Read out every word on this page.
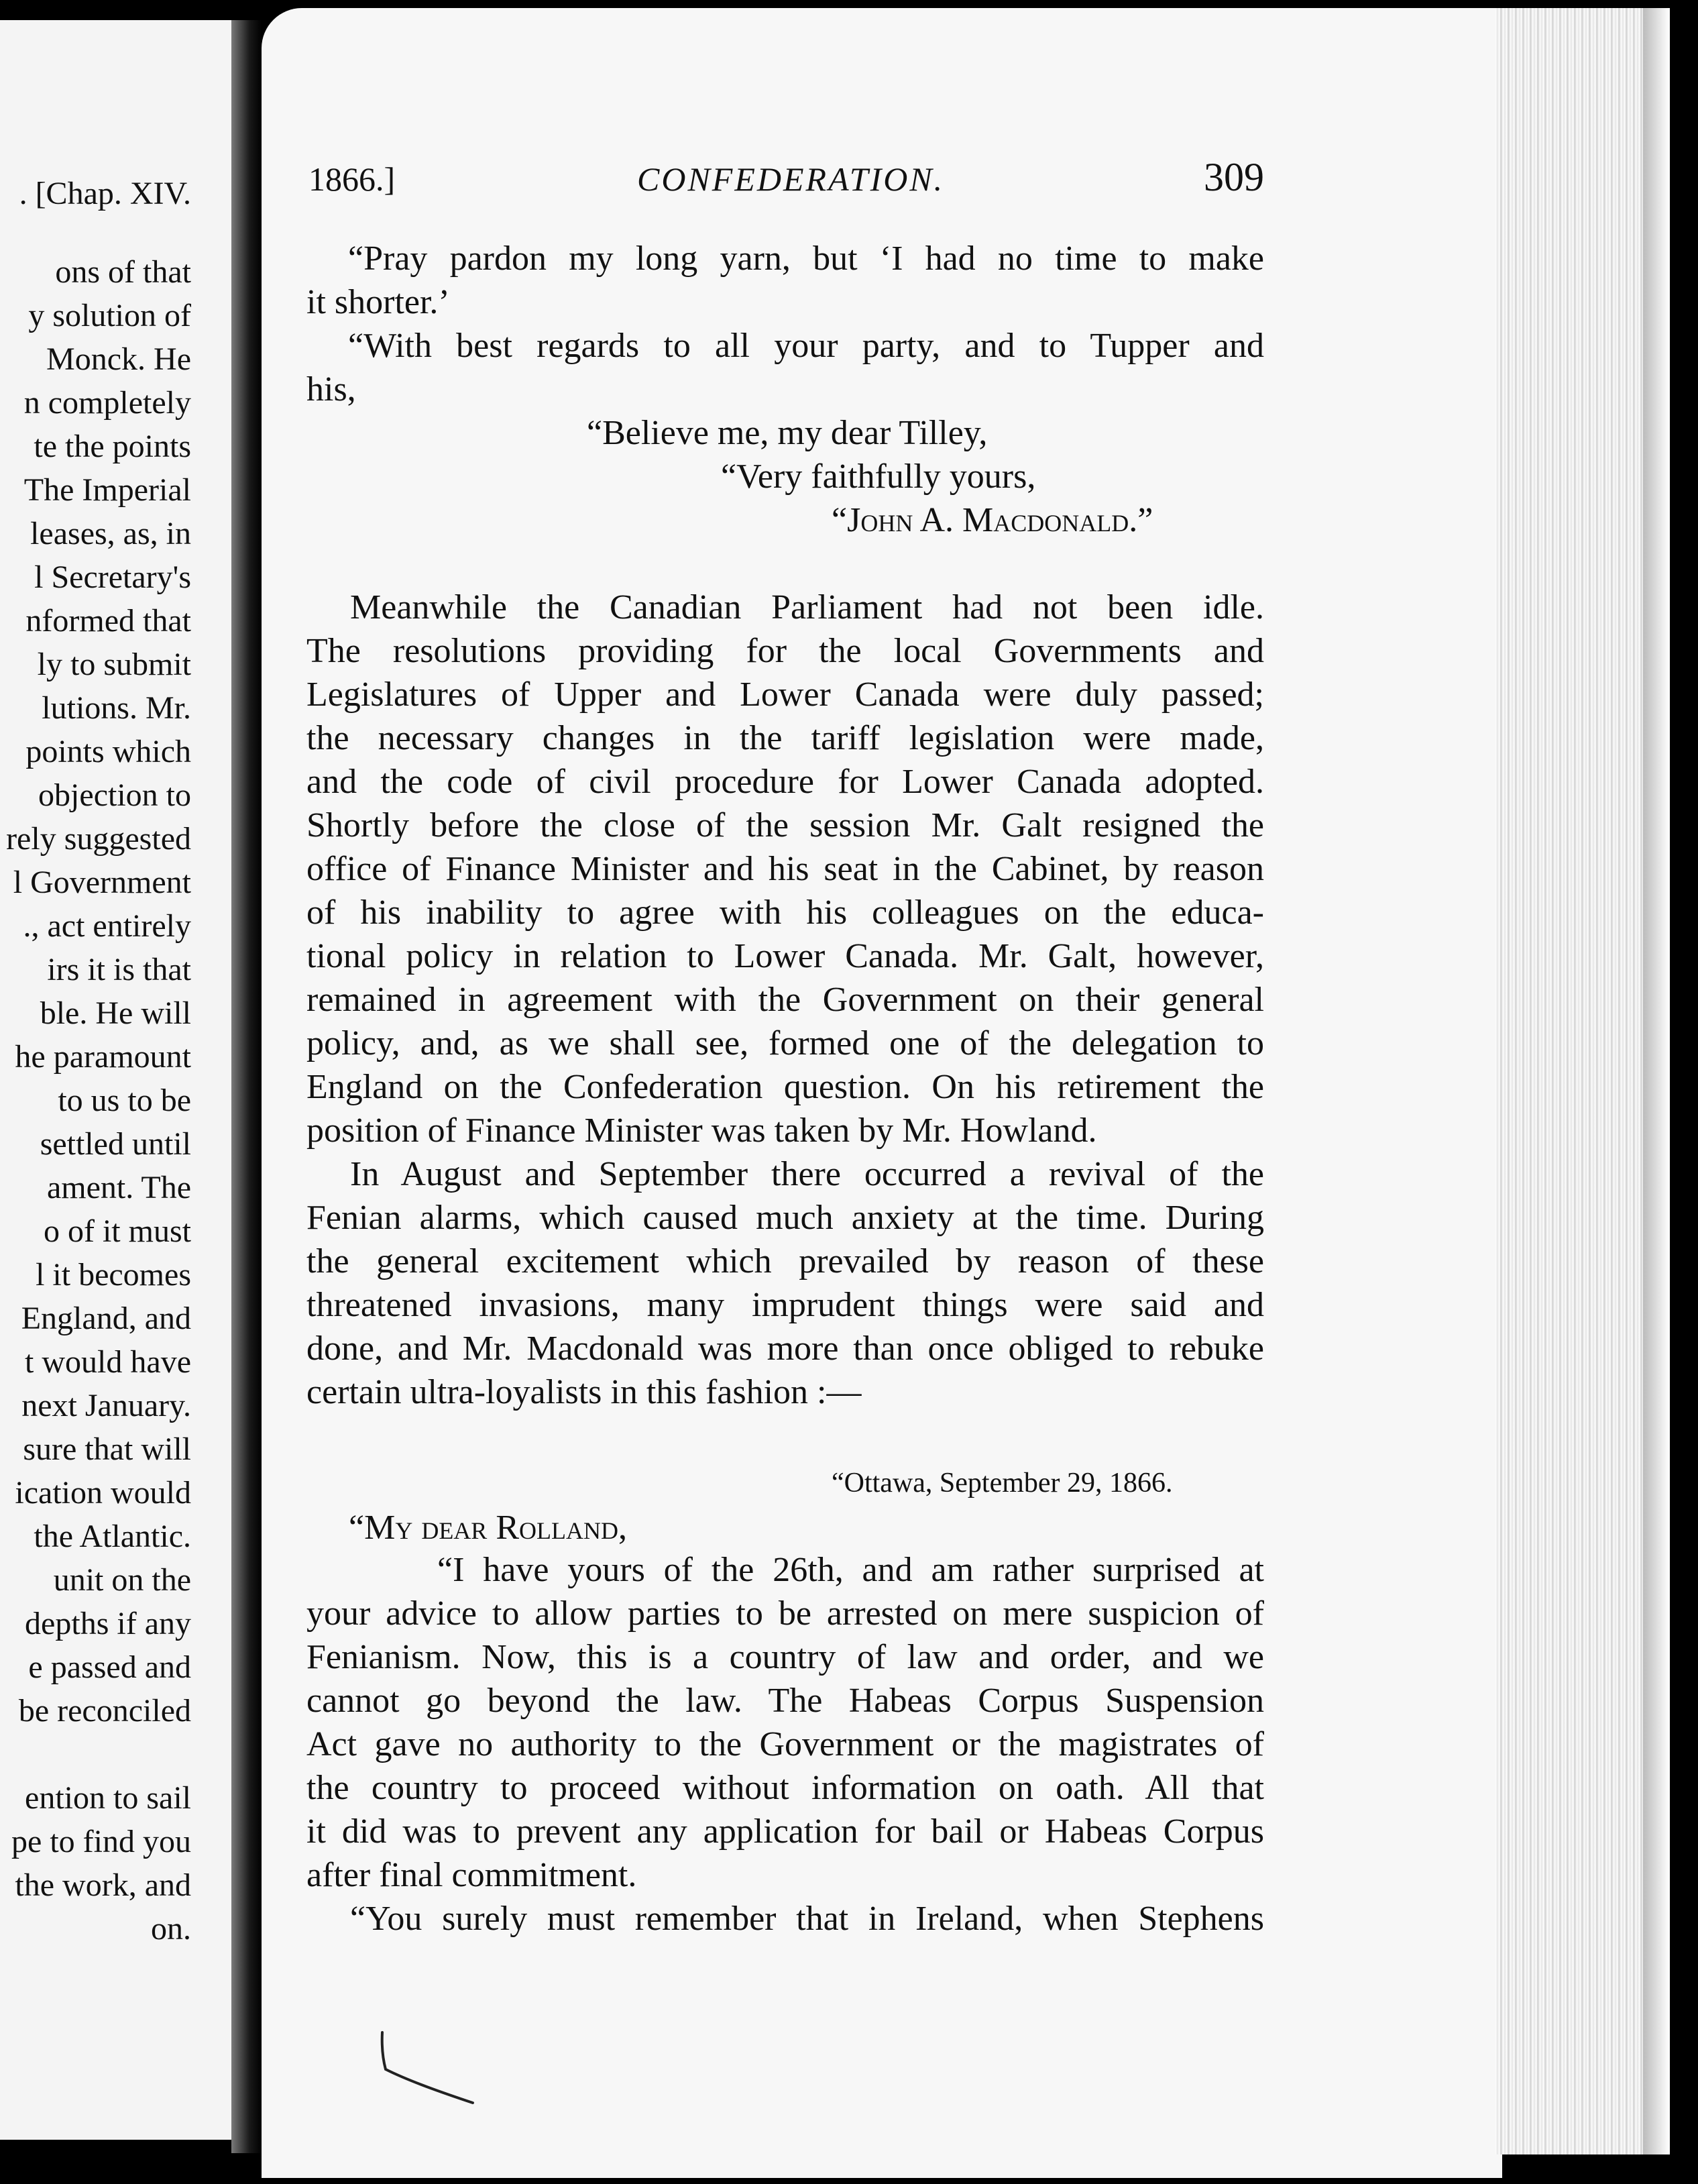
. [Chap. XIV.
ons of that
y solution of
Monck. He
n completely
te the points
The Imperial
leases, as, in
l Secretary's
nformed that
ly to submit
lutions. Mr.
points which
objection to
rely suggested
l Government
., act entirely
irs it is that
ble. He will
he paramount
to us to be
settled until
ament. The
o of it must
l it becomes
England, and
t would have
next January.
sure that will
ication would
the Atlantic.
unit on the
depths if any
e passed and
be reconciled
ention to sail
pe to find you
the work, and
on.
1866.]	CONFEDERATION.	309
“Pray pardon my long yarn, but ‘I had no time to make
it shorter.’
“With best regards to all your party, and to Tupper and
his,
“Believe me, my dear Tilley,
“Very faithfully yours,
“John A. Macdonald.”
Meanwhile the Canadian Parliament had not been idle.
The resolutions providing for the local Governments and
Legislatures of Upper and Lower Canada were duly passed;
the necessary changes in the tariff legislation were made,
and the code of civil procedure for Lower Canada adopted.
Shortly before the close of the session Mr. Galt resigned the
office of Finance Minister and his seat in the Cabinet, by reason
of his inability to agree with his colleagues on the educa-
tional policy in relation to Lower Canada. Mr. Galt, however,
remained in agreement with the Government on their general
policy, and, as we shall see, formed one of the delegation to
England on the Confederation question. On his retirement the
position of Finance Minister was taken by Mr. Howland.
In August and September there occurred a revival of the
Fenian alarms, which caused much anxiety at the time. During
the general excitement which prevailed by reason of these
threatened invasions, many imprudent things were said and
done, and Mr. Macdonald was more than once obliged to rebuke
certain ultra-loyalists in this fashion :—
“Ottawa, September 29, 1866.
“My dear Rolland,
“I have yours of the 26th, and am rather surprised at
your advice to allow parties to be arrested on mere suspicion of
Fenianism. Now, this is a country of law and order, and we
cannot go beyond the law. The Habeas Corpus Suspension
Act gave no authority to the Government or the magistrates of
the country to proceed without information on oath. All that
it did was to prevent any application for bail or Habeas Corpus
after final commitment.
“You surely must remember that in Ireland, when Stephens
